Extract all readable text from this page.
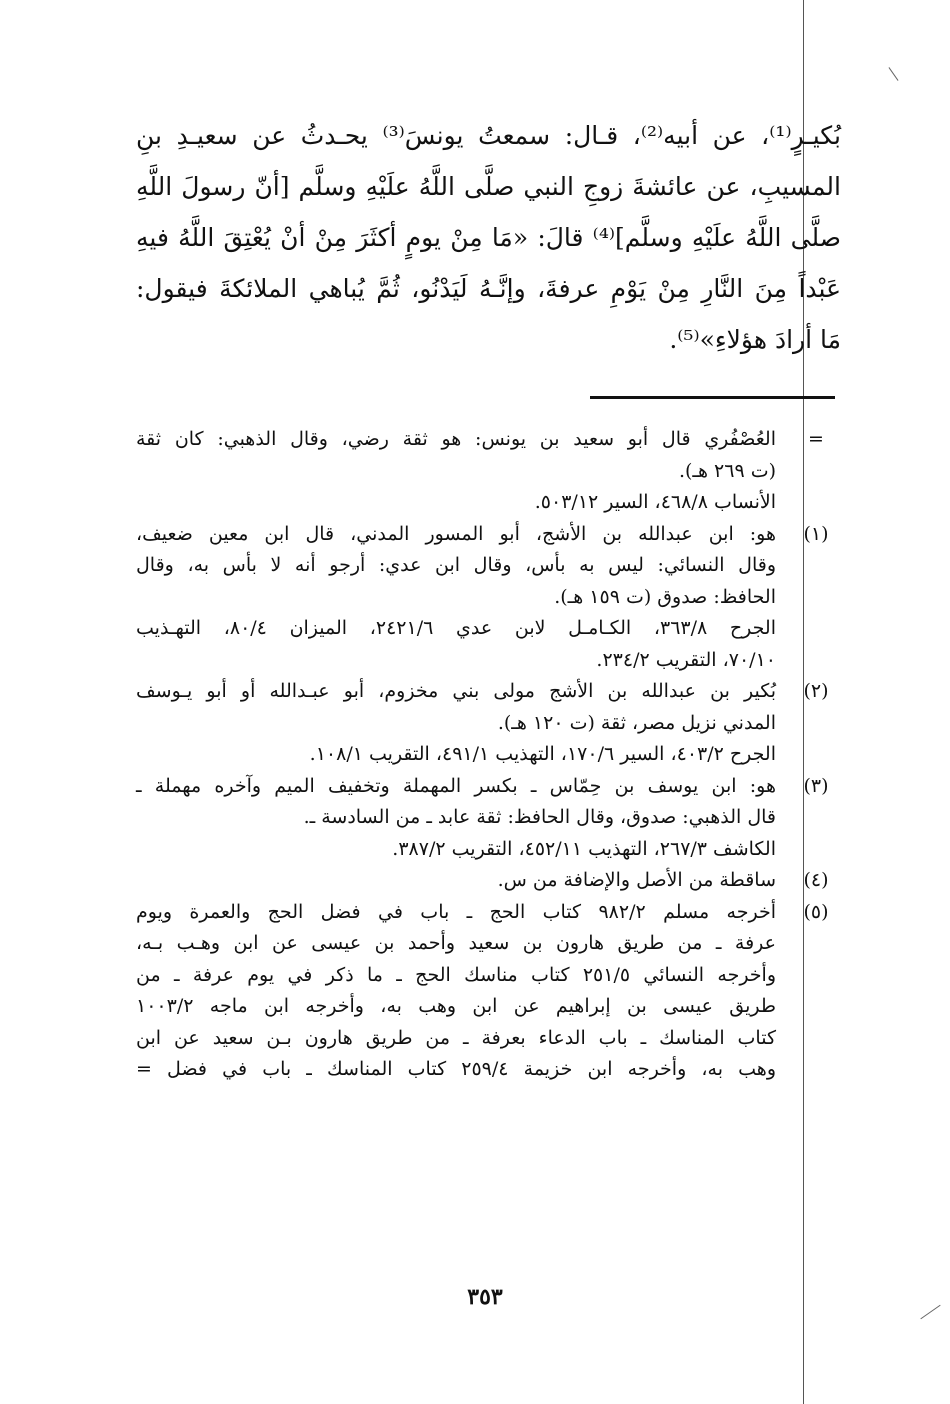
بُكيـرٍ⁽¹⁾، عن أبيه⁽²⁾، قـال: سمعتُ يونسَ⁽³⁾ يحـدثُ عن سعيـدِ بنِ
المسيبِ، عن عائشةَ زوجِ النبي صلَّى اللَّهُ علَيْهِ وسلَّم [أنّ رسولَ اللَّهِ
صلَّى اللَّهُ علَيْهِ وسلَّم]⁽⁴⁾ قالَ: «مَا مِنْ يومٍ أكثَرَ مِنْ أنْ يُعْتِقَ اللَّهُ فيهِ
عَبْداً مِنَ النَّارِ مِنْ يَوْمِ عرفةَ، وإنَّـهُ لَيَدْنُو، ثُمَّ يُباهي الملائكةَ فيقول:
مَا أرادَ هؤلاءِ»⁽⁵⁾.
=
العُصْفُري قال أبو سعيد بن يونس: هو ثقة رضي، وقال الذهبي: كان ثقة
(ت ٢٦٩ هـ).
الأنساب ٤٦٨/٨، السير ٥٠٣/١٢.
(١)
هو: ابن عبدالله بن الأشج، أبو المسور المدني، قال ابن معين ضعيف،
وقال النسائي: ليس به بأس، وقال ابن عدي: أرجو أنه لا بأس به، وقال
الحافظ: صدوق (ت ١٥٩ هـ).
الجرح ٣٦٣/٨، الكـامـل لابن عدي ٢٤٢١/٦، الميزان ٨٠/٤، التهـذيب
٧٠/١٠، التقريب ٢٣٤/٢.
(٢)
بُكير بن عبدالله بن الأشج مولى بني مخزوم، أبو عبـدالله أو أبو يـوسف
المدني نزيل مصر، ثقة (ت ١٢٠ هـ).
الجرح ٤٠٣/٢، السير ١٧٠/٦، التهذيب ٤٩١/١، التقريب ١٠٨/١.
(٣)
هو: ابن يوسف بن حِمّاس ـ بكسر المهملة وتخفيف الميم وآخره مهملة ـ
قال الذهبي: صدوق، وقال الحافظ: ثقة عابد ـ من السادسة ـ.
الكاشف ٢٦٧/٣، التهذيب ٤٥٢/١١، التقريب ٣٨٧/٢.
(٤)
ساقطة من الأصل والإضافة من س.
(٥)
أخرجه مسلم ٩٨٢/٢ كتاب الحج ـ باب في فضل الحج والعمرة ويوم
عرفة ـ من طريق هارون بن سعيد وأحمد بن عيسى عن ابن وهـب بـه،
وأخرجه النسائي ٢٥١/٥ كتاب مناسك الحج ـ ما ذكر في يوم عرفة ـ من
طريق عيسى بن إبراهيم عن ابن وهب به، وأخرجه ابن ماجه ١٠٠٣/٢
كتاب المناسك ـ باب الدعاء بعرفة ـ من طريق هارون بـن سعيد عن ابن
وهب به، وأخرجه ابن خزيمة ٢٥٩/٤ كتاب المناسك ـ باب في فضل =
٣٥٣
